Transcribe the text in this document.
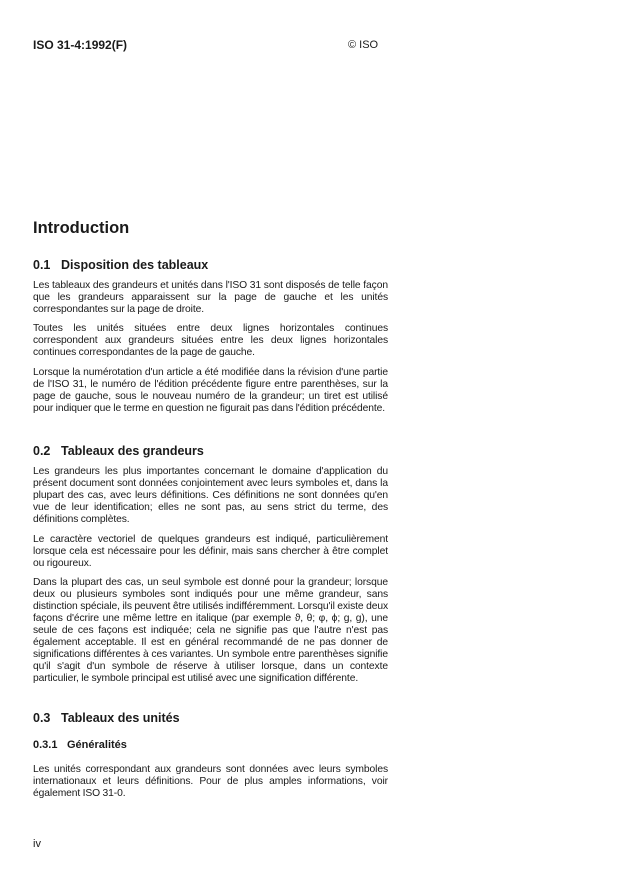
ISO 31-4:1992(F)	© ISO
Introduction
0.1 Disposition des tableaux

Les tableaux des grandeurs et unités dans l'ISO 31 sont disposés de telle façon que les grandeurs apparaissent sur la page de gauche et les unités correspondantes sur la page de droite.

Toutes les unités situées entre deux lignes horizontales continues correspondent aux grandeurs situées entre les deux lignes horizontales continues correspondantes de la page de gauche.

Lorsque la numérotation d'un article a été modifiée dans la révision d'une partie de l'ISO 31, le numéro de l'édition précédente figure entre parenthèses, sur la page de gauche, sous le nouveau numéro de la grandeur; un tiret est utilisé pour indiquer que le terme en question ne figurait pas dans l'édition précédente.

0.2 Tableaux des grandeurs

Les grandeurs les plus importantes concernant le domaine d'application du présent document sont données conjointement avec leurs symboles et, dans la plupart des cas, avec leurs définitions. Ces définitions ne sont données qu'en vue de leur identification; elles ne sont pas, au sens strict du terme, des définitions complètes.

Le caractère vectoriel de quelques grandeurs est indiqué, particulièrement lorsque cela est nécessaire pour les définir, mais sans chercher à être complet ou rigoureux.

Dans la plupart des cas, un seul symbole est donné pour la grandeur; lorsque deux ou plusieurs symboles sont indiqués pour une même grandeur, sans distinction spéciale, ils peuvent être utilisés indifféremment. Lorsqu'il existe deux façons d'écrire une même lettre en italique (par exemple ϑ, θ; φ, ϕ; g, g), une seule de ces façons est indiquée; cela ne signifie pas que l'autre n'est pas également acceptable. Il est en général recommandé de ne pas donner de significations différentes à ces variantes. Un symbole entre parenthèses signifie qu'il s'agit d'un symbole de réserve à utiliser lorsque, dans un contexte particulier, le symbole principal est utilisé avec une signification différente.

0.3 Tableaux des unités
0.3.1 Généralités

Les unités correspondant aux grandeurs sont données avec leurs symboles internationaux et leurs définitions. Pour de plus amples informations, voir également ISO 31-0.

iv
